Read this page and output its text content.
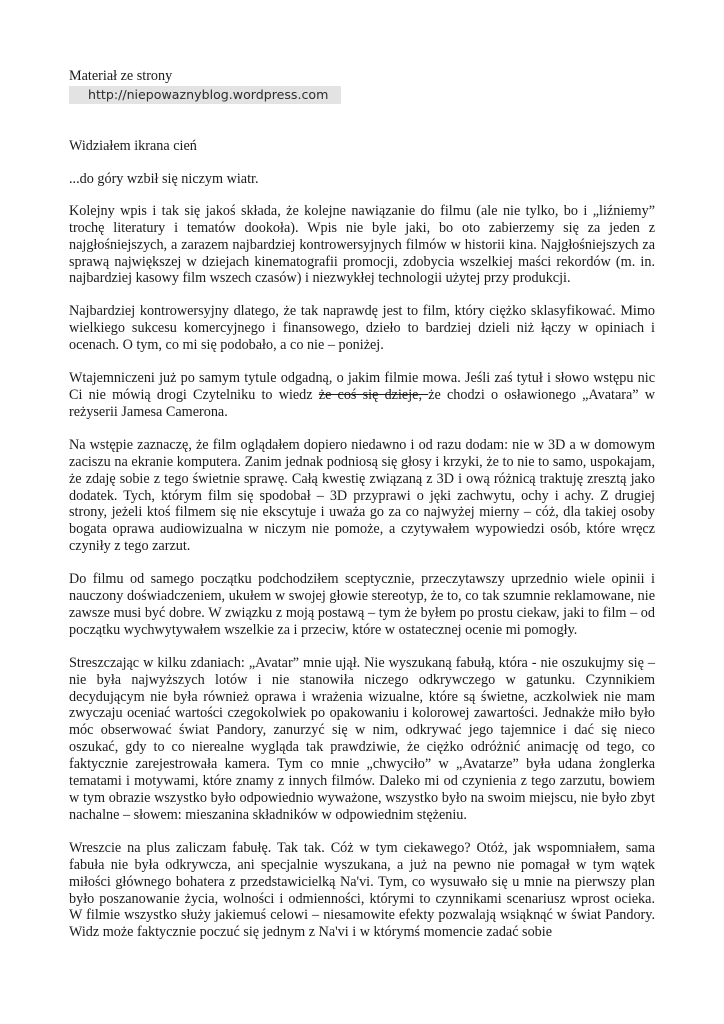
Materiał ze strony

http://niepowaznyblog.wordpress.com

Widziałem ikrana cień

...do góry wzbił się niczym wiatr.

Kolejny wpis i tak się jakoś składa, że kolejne nawiązanie do filmu (ale nie tylko, bo i „liźniemy” trochę literatury i tematów dookoła). Wpis nie byle jaki, bo oto zabierzemy się za jeden z najgłośniejszych, a zarazem najbardziej kontrowersyjnych filmów w historii kina. Najgłośniejszych za sprawą największej w dziejach kinematografii promocji, zdobycia wszelkiej maści rekordów (m. in. najbardziej kasowy film wszech czasów) i niezwykłej technologii użytej przy produkcji.

Najbardziej kontrowersyjny dlatego, że tak naprawdę jest to film, który ciężko sklasyfikować. Mimo wielkiego sukcesu komercyjnego i finansowego, dzieło to bardziej dzieli niż łączy w opiniach i ocenach. O tym, co mi się podobało, a co nie – poniżej.

Wtajemniczeni już po samym tytule odgadną, o jakim filmie mowa. Jeśli zaś tytuł i słowo wstępu nic Ci nie mówią drogi Czytelniku to wiedz że coś się dzieje, że chodzi o osławionego „Avatara” w reżyserii Jamesa Camerona.

Na wstępie zaznaczę, że film oglądałem dopiero niedawno i od razu dodam: nie w 3D a w domowym zaciszu na ekranie komputera. Zanim jednak podniosą się głosy i krzyki, że to nie to samo, uspokajam, że zdaję sobie z tego świetnie sprawę. Całą kwestię związaną z 3D i ową różnicą traktuję zresztą jako dodatek. Tych, którym film się spodobał – 3D przyprawi o jęki zachwytu, ochy i achy. Z drugiej strony, jeżeli ktoś filmem się nie ekscytuje i uważa go za co najwyżej mierny – cóż, dla takiej osoby bogata oprawa audiowizualna w niczym nie pomoże, a czytywałem wypowiedzi osób, które wręcz czyniły z tego zarzut.

Do filmu od samego początku podchodziłem sceptycznie, przeczytawszy uprzednio wiele opinii i nauczony doświadczeniem, ukułem w swojej głowie stereotyp, że to, co tak szumnie reklamowane, nie zawsze musi być dobre. W związku z moją postawą – tym że byłem po prostu ciekaw, jaki to film – od początku wychwytywałem wszelkie za i przeciw, które w ostatecznej ocenie mi pomogły.

Streszczając w kilku zdaniach: „Avatar” mnie ujął. Nie wyszukaną fabułą, która - nie oszukujmy się – nie była najwyższych lotów i nie stanowiła niczego odkrywczego w gatunku. Czynnikiem decydującym nie była również oprawa i wrażenia wizualne, które są świetne, aczkolwiek nie mam zwyczaju oceniać wartości czegokolwiek po opakowaniu i kolorowej zawartości. Jednakże miło było móc obserwować świat Pandory, zanurzyć się w nim, odkrywać jego tajemnice i dać się nieco oszukać, gdy to co nierealne wygląda tak prawdziwie, że ciężko odróżnić animację od tego, co faktycznie zarejestrowała kamera. Tym co mnie „chwyciło” w „Avatarze” była udana żonglerka tematami i motywami, które znamy z innych filmów. Daleko mi od czynienia z tego zarzutu, bowiem w tym obrazie wszystko było odpowiednio wyważone, wszystko było na swoim miejscu, nie było zbyt nachalne – słowem: mieszanina składników w odpowiednim stężeniu.

Wreszcie na plus zaliczam fabułę. Tak tak. Cóż w tym ciekawego? Otóż, jak wspomniałem, sama fabuła nie była odkrywcza, ani specjalnie wyszukana, a już na pewno nie pomagał w tym wątek miłości głównego bohatera z przedstawicielką Na'vi. Tym, co wysuwało się u mnie na pierwszy plan było poszanowanie życia, wolności i odmienności, którymi to czynnikami scenariusz wprost ocieka. W filmie wszystko służy jakiemuś celowi – niesamowite efekty pozwalają wsiąknąć w świat Pandory. Widz może faktycznie poczuć się jednym z Na'vi i w którymś momencie zadać sobie
